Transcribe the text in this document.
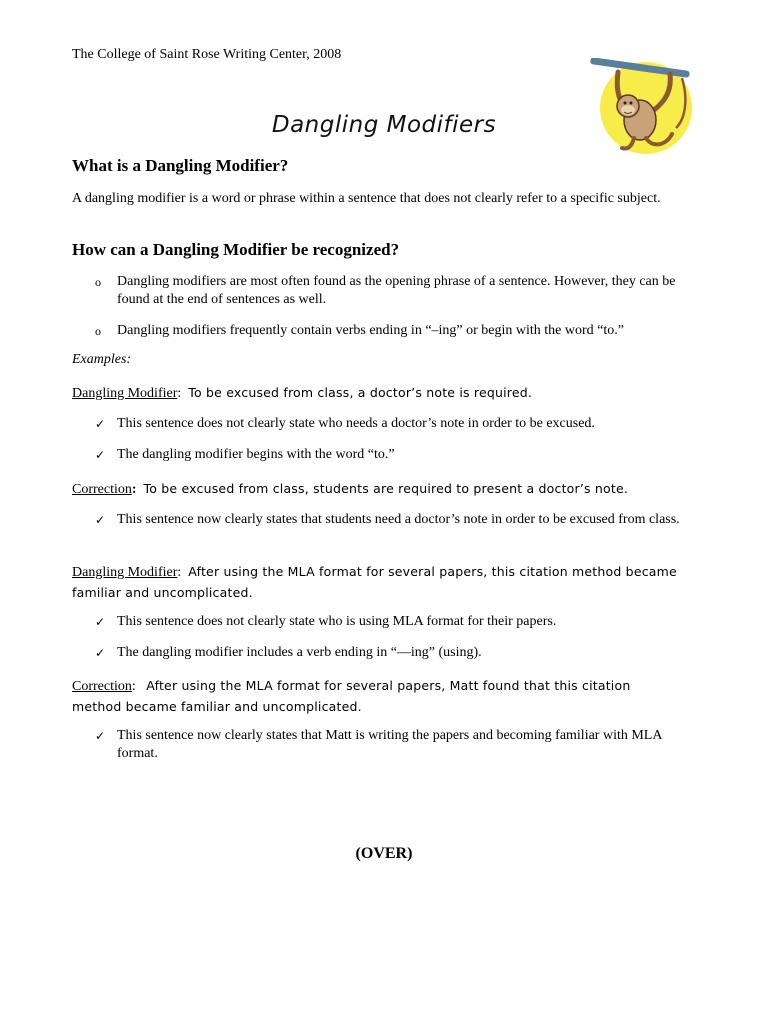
The College of Saint Rose Writing Center, 2008
Dangling Modifiers
What is a Dangling Modifier?
A dangling modifier is a word or phrase within a sentence that does not clearly refer to a specific subject.
How can a Dangling Modifier be recognized?
o	Dangling modifiers are most often found as the opening phrase of a sentence. However, they can be found at the end of sentences as well.
o	Dangling modifiers frequently contain verbs ending in “–ing” or begin with the word “to.”
Examples:
Dangling Modifier:  To be excused from class, a doctor’s note is required.
✓ This sentence does not clearly state who needs a doctor’s note in order to be excused.
✓ The dangling modifier begins with the word “to.”
Correction: To be excused from class, students are required to present a doctor’s note.
✓ This sentence now clearly states that students need a doctor’s note in order to be excused from class.
Dangling Modifier:  After using the MLA format for several papers, this citation method became familiar and uncomplicated.
✓ This sentence does not clearly state who is using MLA format for their papers.
✓ The dangling modifier includes a verb ending in “—ing” (using).
Correction:   After using the MLA format for several papers, Matt found that this citation method became familiar and uncomplicated.
✓ This sentence now clearly states that Matt is writing the papers and becoming familiar with MLA format.
(OVER)
